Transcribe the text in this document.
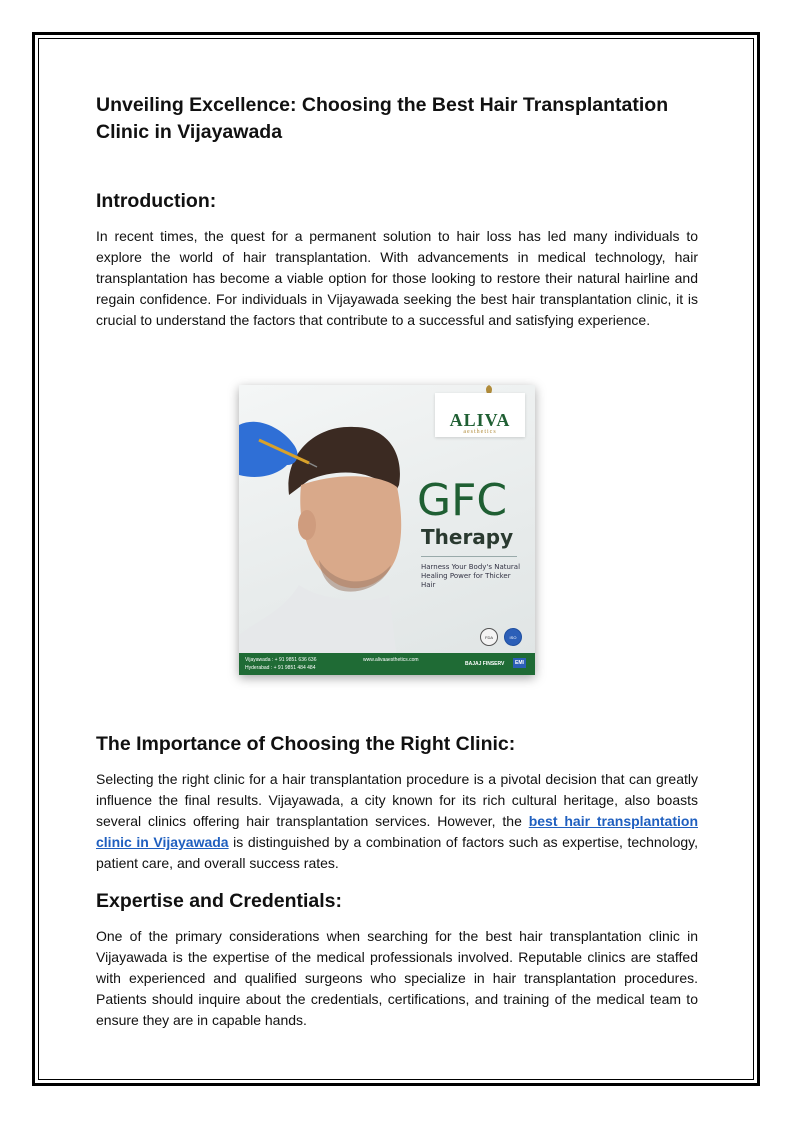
Unveiling Excellence: Choosing the Best Hair Transplantation Clinic in Vijayawada
Introduction:

In recent times, the quest for a permanent solution to hair loss has led many individuals to explore the world of hair transplantation. With advancements in medical technology, hair transplantation has become a viable option for those looking to restore their natural hairline and regain confidence. For individuals in Vijayawada seeking the best hair transplantation clinic, it is crucial to understand the factors that contribute to a successful and satisfying experience.

ALIVA
aesthetics
GFC
Therapy
Harness Your Body's Natural Healing Power for Thicker Hair
FDA	ISO
Vijayawada : + 91 9851 636 636
Hyderabad : + 91 9851 484 484
www.alivaaesthetics.com
BAJAJ FINSERV	EMI
The Importance of Choosing the Right Clinic:

Selecting the right clinic for a hair transplantation procedure is a pivotal decision that can greatly influence the final results. Vijayawada, a city known for its rich cultural heritage, also boasts several clinics offering hair transplantation services. However, the best hair transplantation clinic in Vijayawada is distinguished by a combination of factors such as expertise, technology, patient care, and overall success rates.

Expertise and Credentials:

One of the primary considerations when searching for the best hair transplantation clinic in Vijayawada is the expertise of the medical professionals involved. Reputable clinics are staffed with experienced and qualified surgeons who specialize in hair transplantation procedures. Patients should inquire about the credentials, certifications, and training of the medical team to ensure they are in capable hands.
